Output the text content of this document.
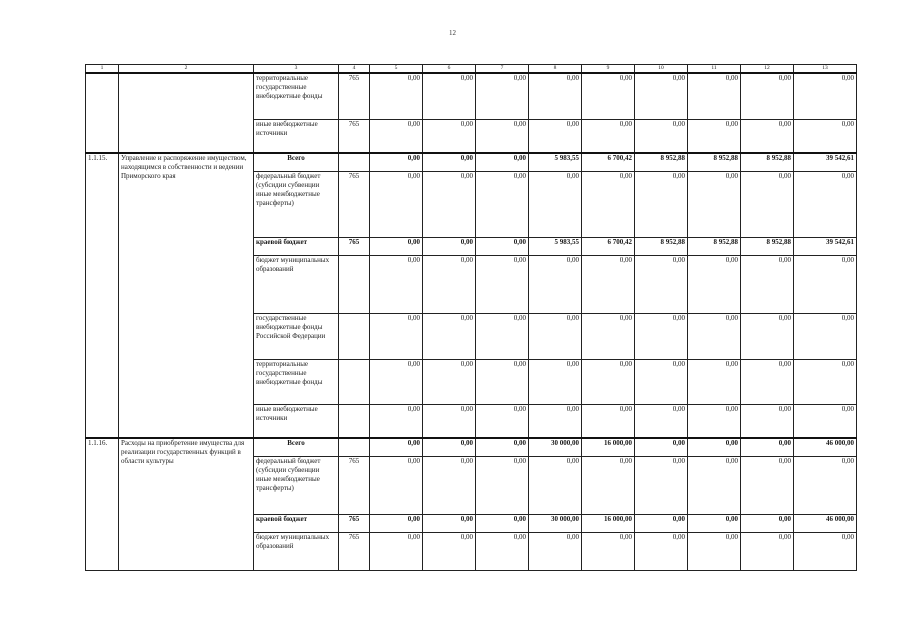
12
1	2	3	4	5	6	7	8	9	10	11	12	13
		территориальные государственные внебюджетные фонды	765	0,00	0,00	0,00	0,00	0,00	0,00	0,00	0,00	0,00
		иные внебюджетные источники	765	0,00	0,00	0,00	0,00	0,00	0,00	0,00	0,00	0,00
1.1.15.	Управление и распоряжение имуществом, находящимся в собственности и ведении Приморского края	Всего		0,00	0,00	0,00	5 983,55	6 700,42	8 952,88	8 952,88	8 952,88	39 542,61
		федеральный бюджет (субсидии субвенции иные межбюджетные трансферты)	765	0,00	0,00	0,00	0,00	0,00	0,00	0,00	0,00	0,00
		краевой бюджет	765	0,00	0,00	0,00	5 983,55	6 700,42	8 952,88	8 952,88	8 952,88	39 542,61
		бюджет муниципальных образований		0,00	0,00	0,00	0,00	0,00	0,00	0,00	0,00	0,00
		государственные внебюджетные фонды Российской Федерации		0,00	0,00	0,00	0,00	0,00	0,00	0,00	0,00	0,00
		территориальные государственные внебюджетные фонды		0,00	0,00	0,00	0,00	0,00	0,00	0,00	0,00	0,00
		иные внебюджетные источники		0,00	0,00	0,00	0,00	0,00	0,00	0,00	0,00	0,00
1.1.16.	Расходы на приобретение имущества для реализации государственных функций в области культуры	Всего		0,00	0,00	0,00	30 000,00	16 000,00	0,00	0,00	0,00	46 000,00
		федеральный бюджет (субсидии субвенции иные межбюджетные трансферты)	765	0,00	0,00	0,00	0,00	0,00	0,00	0,00	0,00	0,00
		краевой бюджет	765	0,00	0,00	0,00	30 000,00	16 000,00	0,00	0,00	0,00	46 000,00
		бюджет муниципальных образований	765	0,00	0,00	0,00	0,00	0,00	0,00	0,00	0,00	0,00
